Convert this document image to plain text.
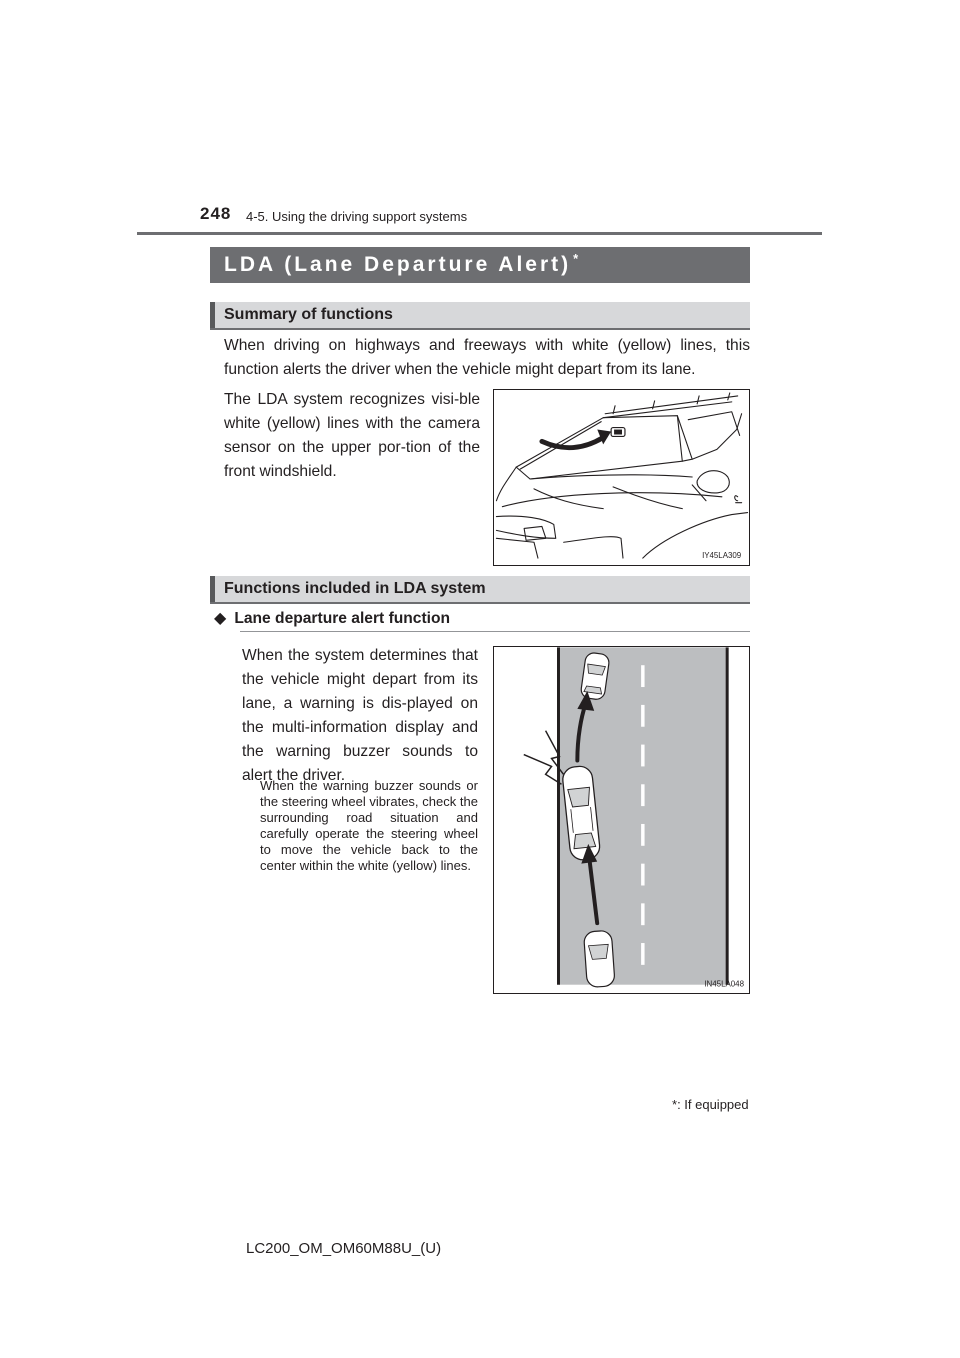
248 4-5. Using the driving support systems
LDA (Lane Departure Alert) *
Summary of functions
When driving on highways and freeways with white (yellow) lines, this function alerts the driver when the vehicle might depart from its lane.
The LDA system recognizes visi-ble white (yellow) lines with the camera sensor on the upper por-tion of the front windshield.
IY45LA309
Functions included in LDA system
◆ Lane departure alert function
When the system determines that the vehicle might depart from its lane, a warning is dis-played on the multi-information display and the warning buzzer sounds to alert the driver.
When the warning buzzer sounds or the steering wheel vibrates, check the surrounding road situation and carefully operate the steering wheel to move the vehicle back to the center within the white (yellow) lines.
IN45LA048
*: If equipped
LC200_OM_OM60M88U_(U)
